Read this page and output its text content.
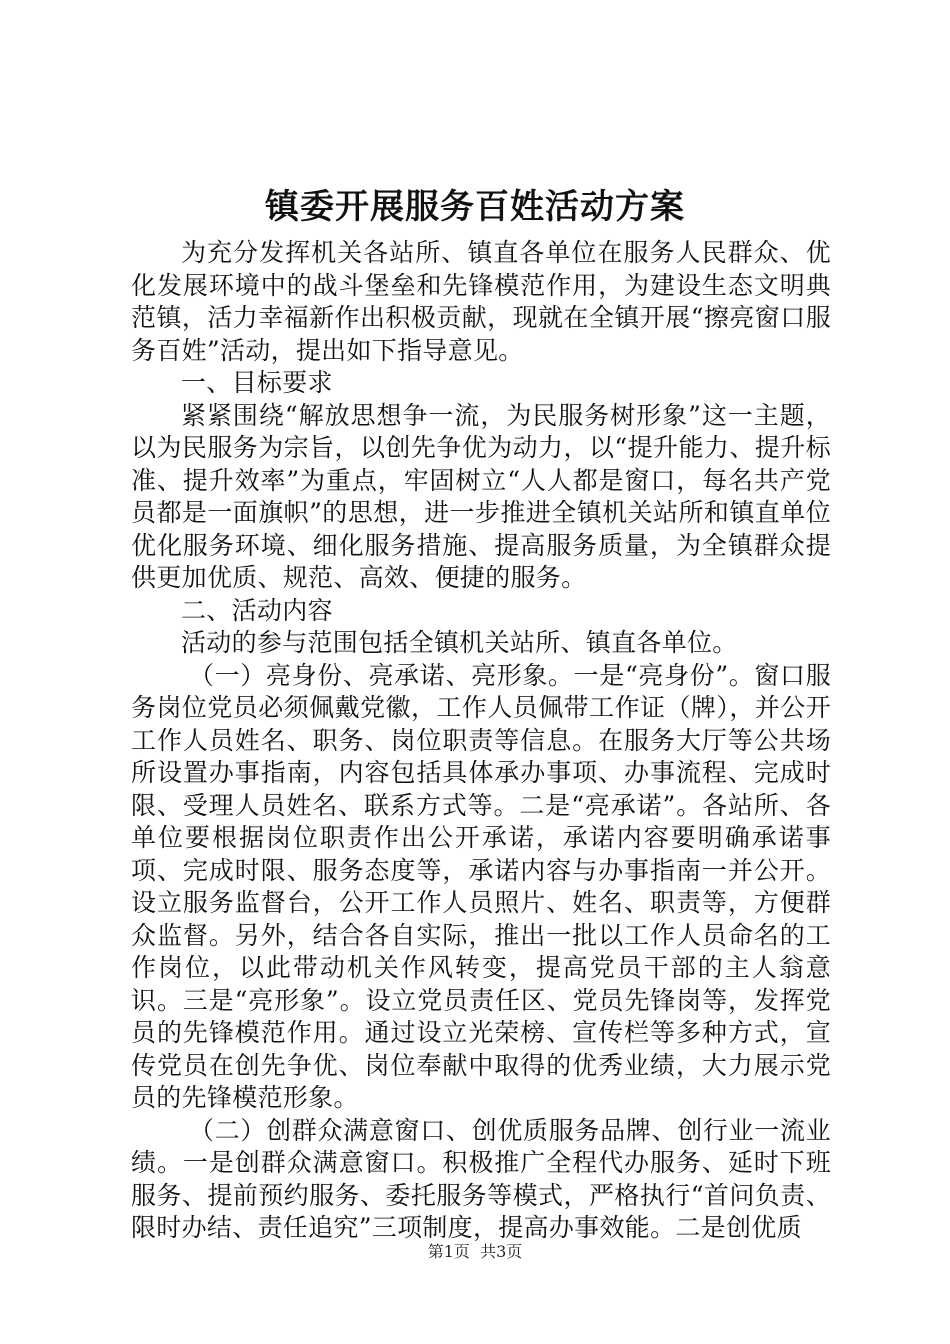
镇委开展服务百姓活动方案

为充分发挥机关各站所、镇直各单位在服务人民群众、优化发展环境中的战斗堡垒和先锋模范作用，为建设生态文明典范镇，活力幸福新作出积极贡献，现就在全镇开展“擦亮窗口服务百姓”活动，提出如下指导意见。

一、目标要求

紧紧围绕“解放思想争一流，为民服务树形象”这一主题，以为民服务为宗旨，以创先争优为动力，以“提升能力、提升标准、提升效率”为重点，牢固树立“人人都是窗口，每名共产党员都是一面旗帜”的思想，进一步推进全镇机关站所和镇直单位优化服务环境、细化服务措施、提高服务质量，为全镇群众提供更加优质、规范、高效、便捷的服务。

二、活动内容

活动的参与范围包括全镇机关站所、镇直各单位。

（一）亮身份、亮承诺、亮形象。一是“亮身份”。窗口服务岗位党员必须佩戴党徽，工作人员佩带工作证（牌），并公开工作人员姓名、职务、岗位职责等信息。在服务大厅等公共场所设置办事指南，内容包括具体承办事项、办事流程、完成时限、受理人员姓名、联系方式等。二是“亮承诺”。各站所、各单位要根据岗位职责作出公开承诺，承诺内容要明确承诺事项、完成时限、服务态度等，承诺内容与办事指南一并公开。设立服务监督台，公开工作人员照片、姓名、职责等，方便群众监督。另外，结合各自实际，推出一批以工作人员命名的工作岗位，以此带动机关作风转变，提高党员干部的主人翁意识。三是“亮形象”。设立党员责任区、党员先锋岗等，发挥党员的先锋模范作用。通过设立光荣榜、宣传栏等多种方式，宣传党员在创先争优、岗位奉献中取得的优秀业绩，大力展示党员的先锋模范形象。

（二）创群众满意窗口、创优质服务品牌、创行业一流业绩。一是创群众满意窗口。积极推广全程代办服务、延时下班服务、提前预约服务、委托服务等模式，严格执行“首问负责、限时办结、责任追究”三项制度，提高办事效能。二是创优质

第1页 共3页
